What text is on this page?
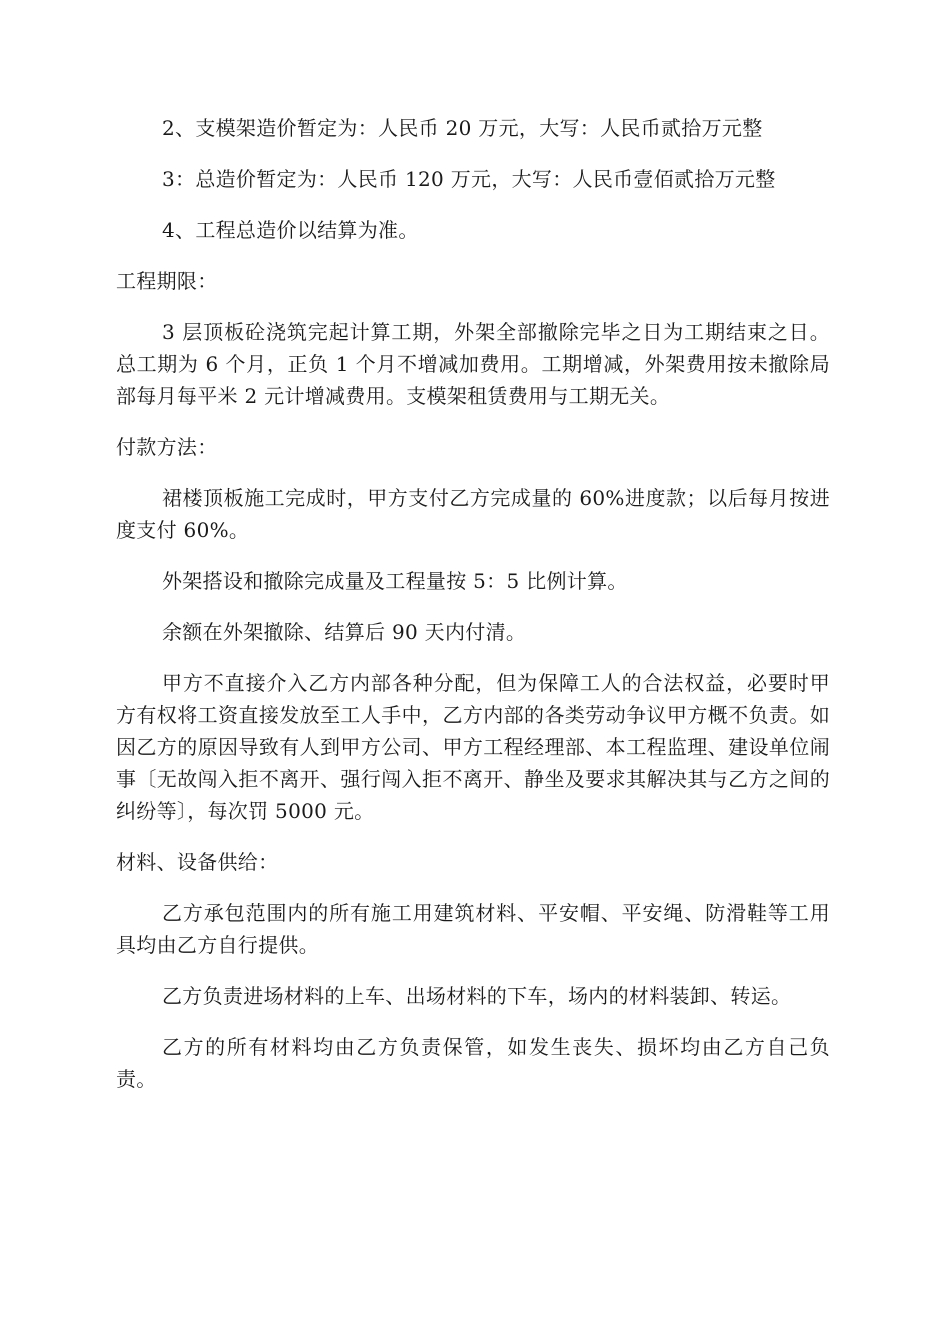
2、支模架造价暂定为：人民币 20 万元，大写：人民币贰拾万元整

3：总造价暂定为：人民币 120 万元，大写：人民币壹佰贰拾万元整

4、工程总造价以结算为准。

工程期限：

3 层顶板砼浇筑完起计算工期，外架全部撤除完毕之日为工期结束之日。总工期为 6 个月，正负 1 个月不增减加费用。工期增减，外架费用按未撤除局部每月每平米 2 元计增减费用。支模架租赁费用与工期无关。

付款方法：

裙楼顶板施工完成时，甲方支付乙方完成量的 60%进度款；以后每月按进度支付 60%。

外架搭设和撤除完成量及工程量按 5：5 比例计算。

余额在外架撤除、结算后 90 天内付清。

甲方不直接介入乙方内部各种分配，但为保障工人的合法权益，必要时甲方有权将工资直接发放至工人手中，乙方内部的各类劳动争议甲方概不负责。如因乙方的原因导致有人到甲方公司、甲方工程经理部、本工程监理、建设单位闹事〔无故闯入拒不离开、强行闯入拒不离开、静坐及要求其解决其与乙方之间的纠纷等〕，每次罚 5000 元。

材料、设备供给：

乙方承包范围内的所有施工用建筑材料、平安帽、平安绳、防滑鞋等工用具均由乙方自行提供。

乙方负责进场材料的上车、出场材料的下车，场内的材料装卸、转运。

乙方的所有材料均由乙方负责保管，如发生丧失、损坏均由乙方自己负责。
